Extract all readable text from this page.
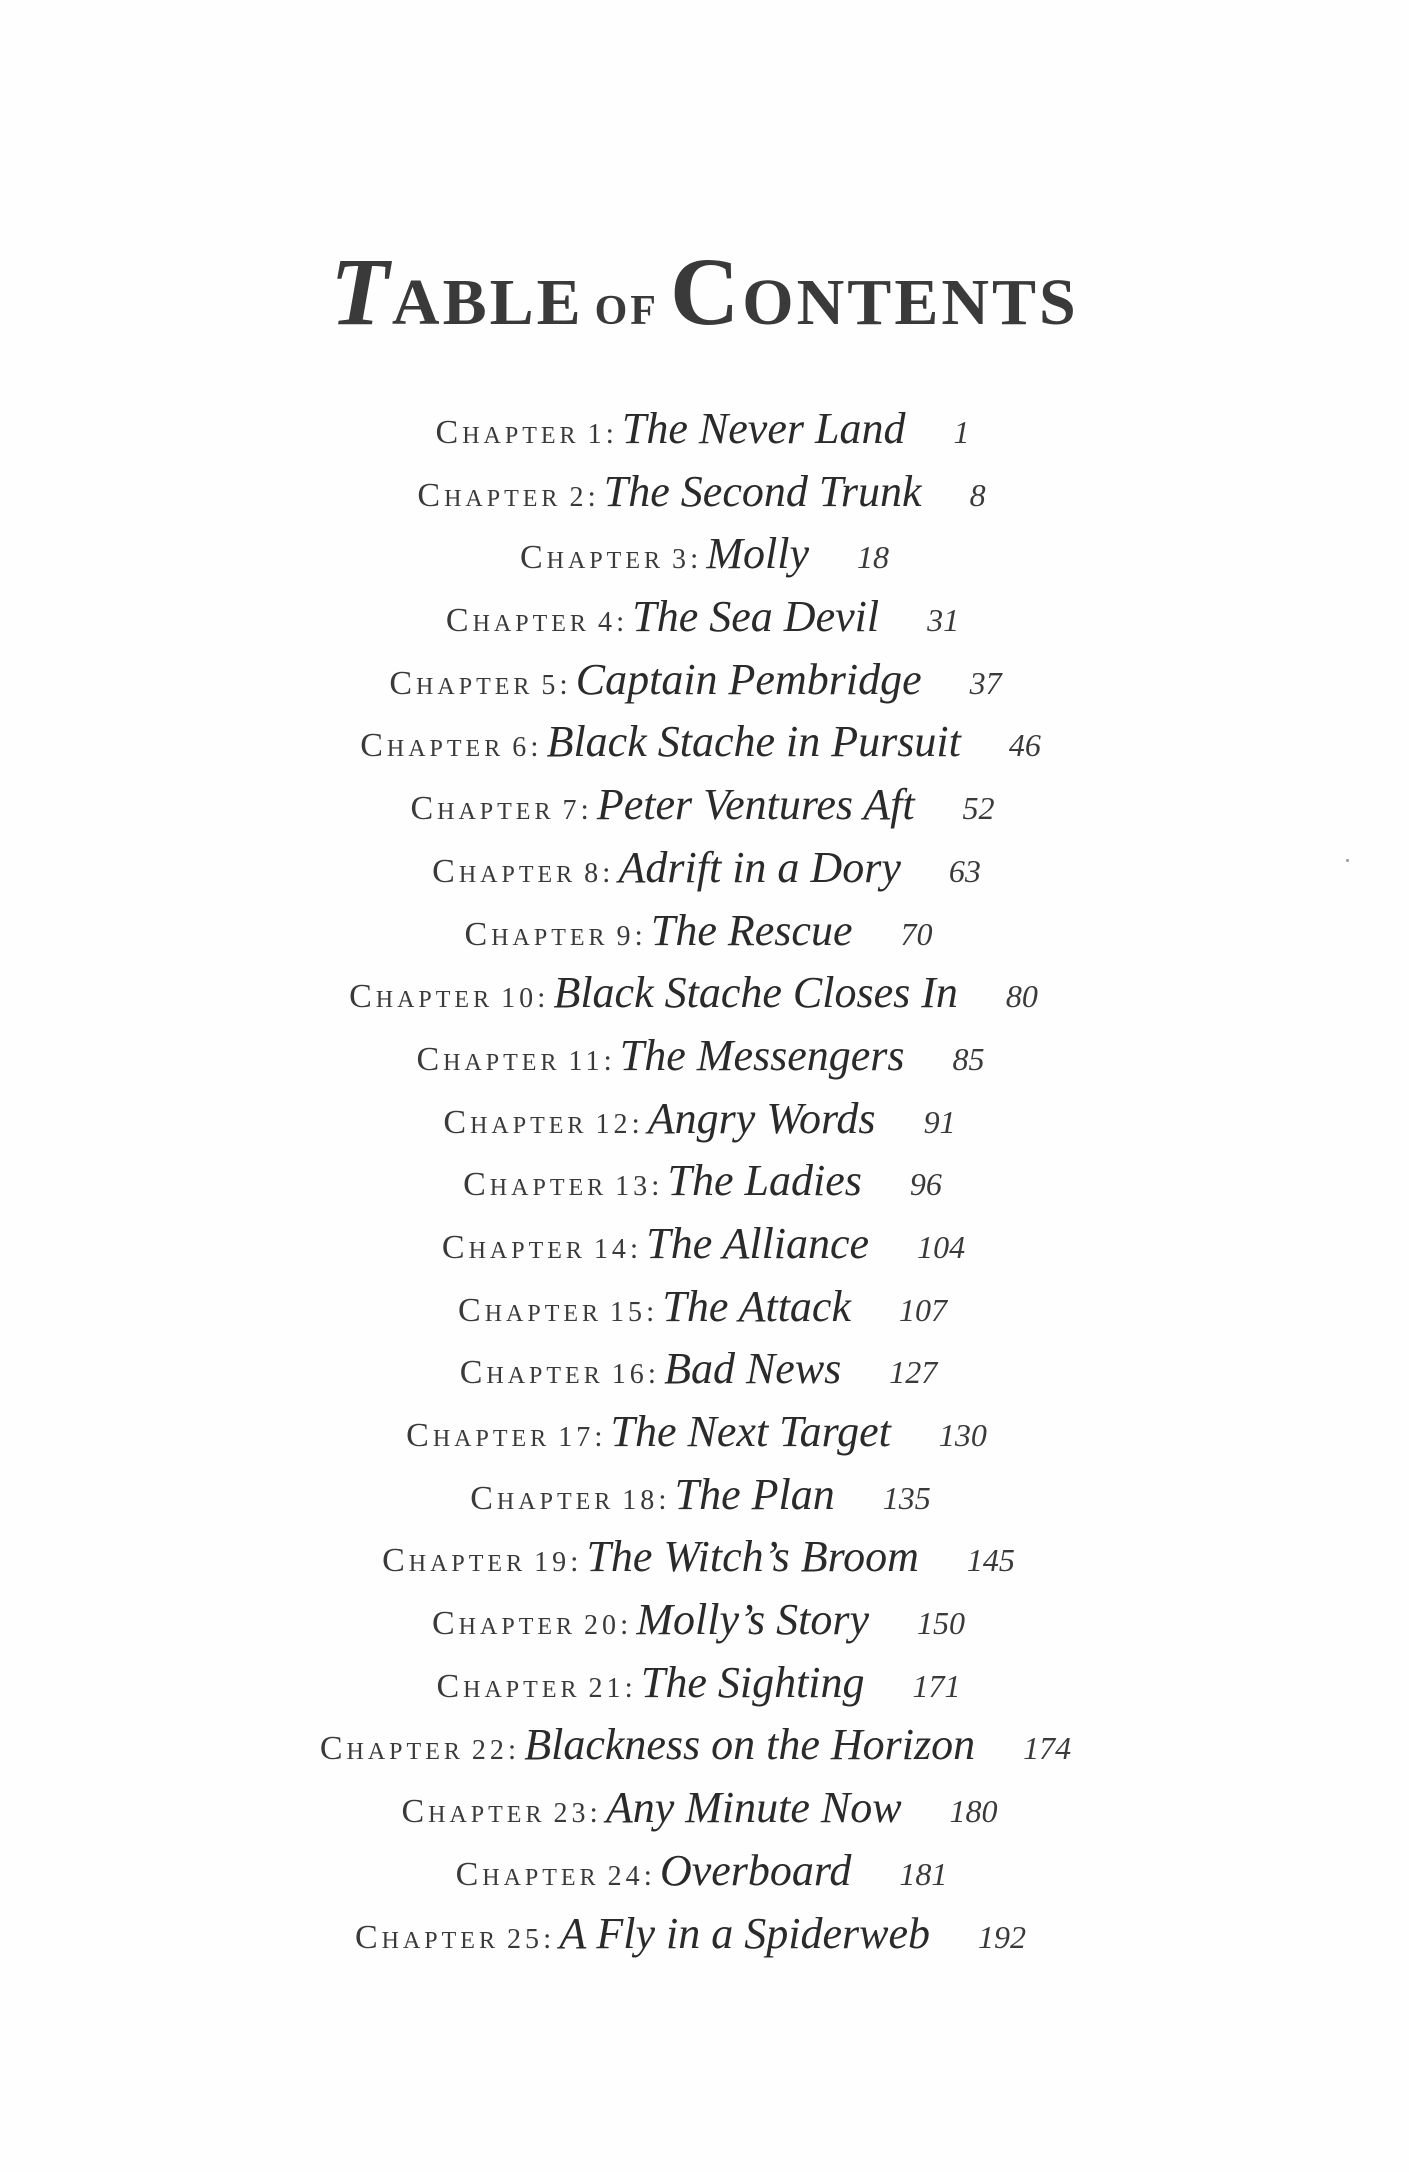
TABLE OF CONTENTS
Chapter
1 : The Never Land 1
Chapter
2 : The Second Trunk 8
Chapter
3 : Molly 18
Chapter
4 : The Sea Devil 31
Chapter
5 : Captain Pembridge 37
Chapter
6 : Black Stache in Pursuit 46
Chapter
7 : Peter Ventures Aft 52
Chapter
8 : Adrift in a Dory 63
Chapter
9 : The Rescue 70
Chapter
10 : Black Stache Closes In 80
Chapter
11 : The Messengers 85
Chapter
12 : Angry Words 91
Chapter
13 : The Ladies 96
Chapter
14 : The Alliance 104
Chapter
15 : The Attack 107
Chapter
16 : Bad News 127
Chapter
17 : The Next Target 130
Chapter
18 : The Plan 135
Chapter
19 : The Witch’s Broom 145
Chapter
20 : Molly’s Story 150
Chapter
21 : The Sighting 171
Chapter
22 : Blackness on the Horizon 174
Chapter
23 : Any Minute Now 180
Chapter
24 : Overboard 181
Chapter
25 : A Fly in a Spiderweb 192
